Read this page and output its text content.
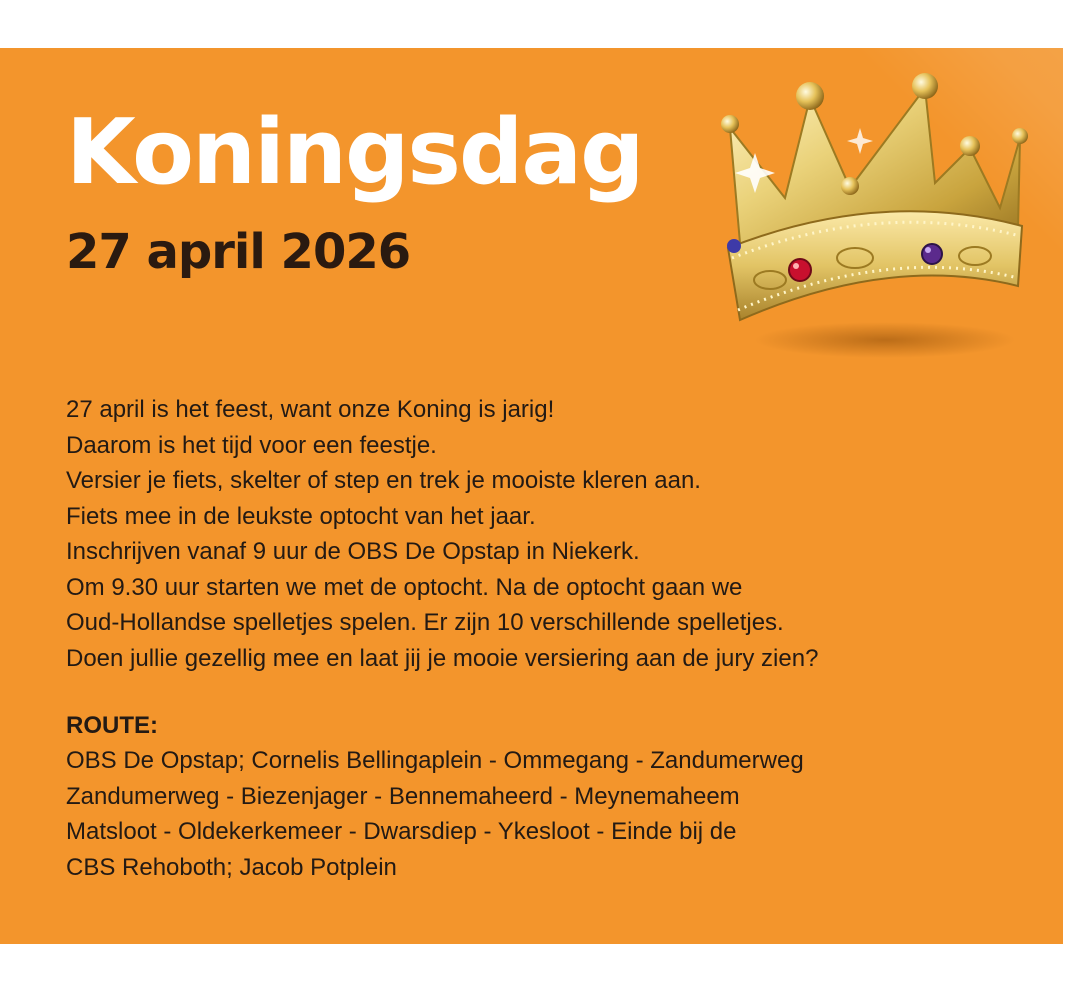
Koningsdag
27 april 2026
27 april is het feest, want onze Koning is jarig!
Daarom is het tijd voor een feestje.
Versier je fiets, skelter of step en trek je mooiste kleren aan.
Fiets mee in de leukste optocht van het jaar.
Inschrijven vanaf 9 uur de OBS De Opstap in Niekerk.
Om 9.30 uur starten we met de optocht. Na de optocht gaan we
Oud-Hollandse spelletjes spelen. Er zijn 10 verschillende spelletjes.
Doen jullie gezellig mee en laat jij je mooie versiering aan de jury zien?
ROUTE:
OBS De Opstap; Cornelis Bellingaplein - Ommegang - Zandumerweg
Zandumerweg - Biezenjager - Bennemaheerd - Meynemaheem
Matsloot - Oldekerkemeer - Dwarsdiep - Ykesloot - Einde bij de
CBS Rehoboth; Jacob Potplein
